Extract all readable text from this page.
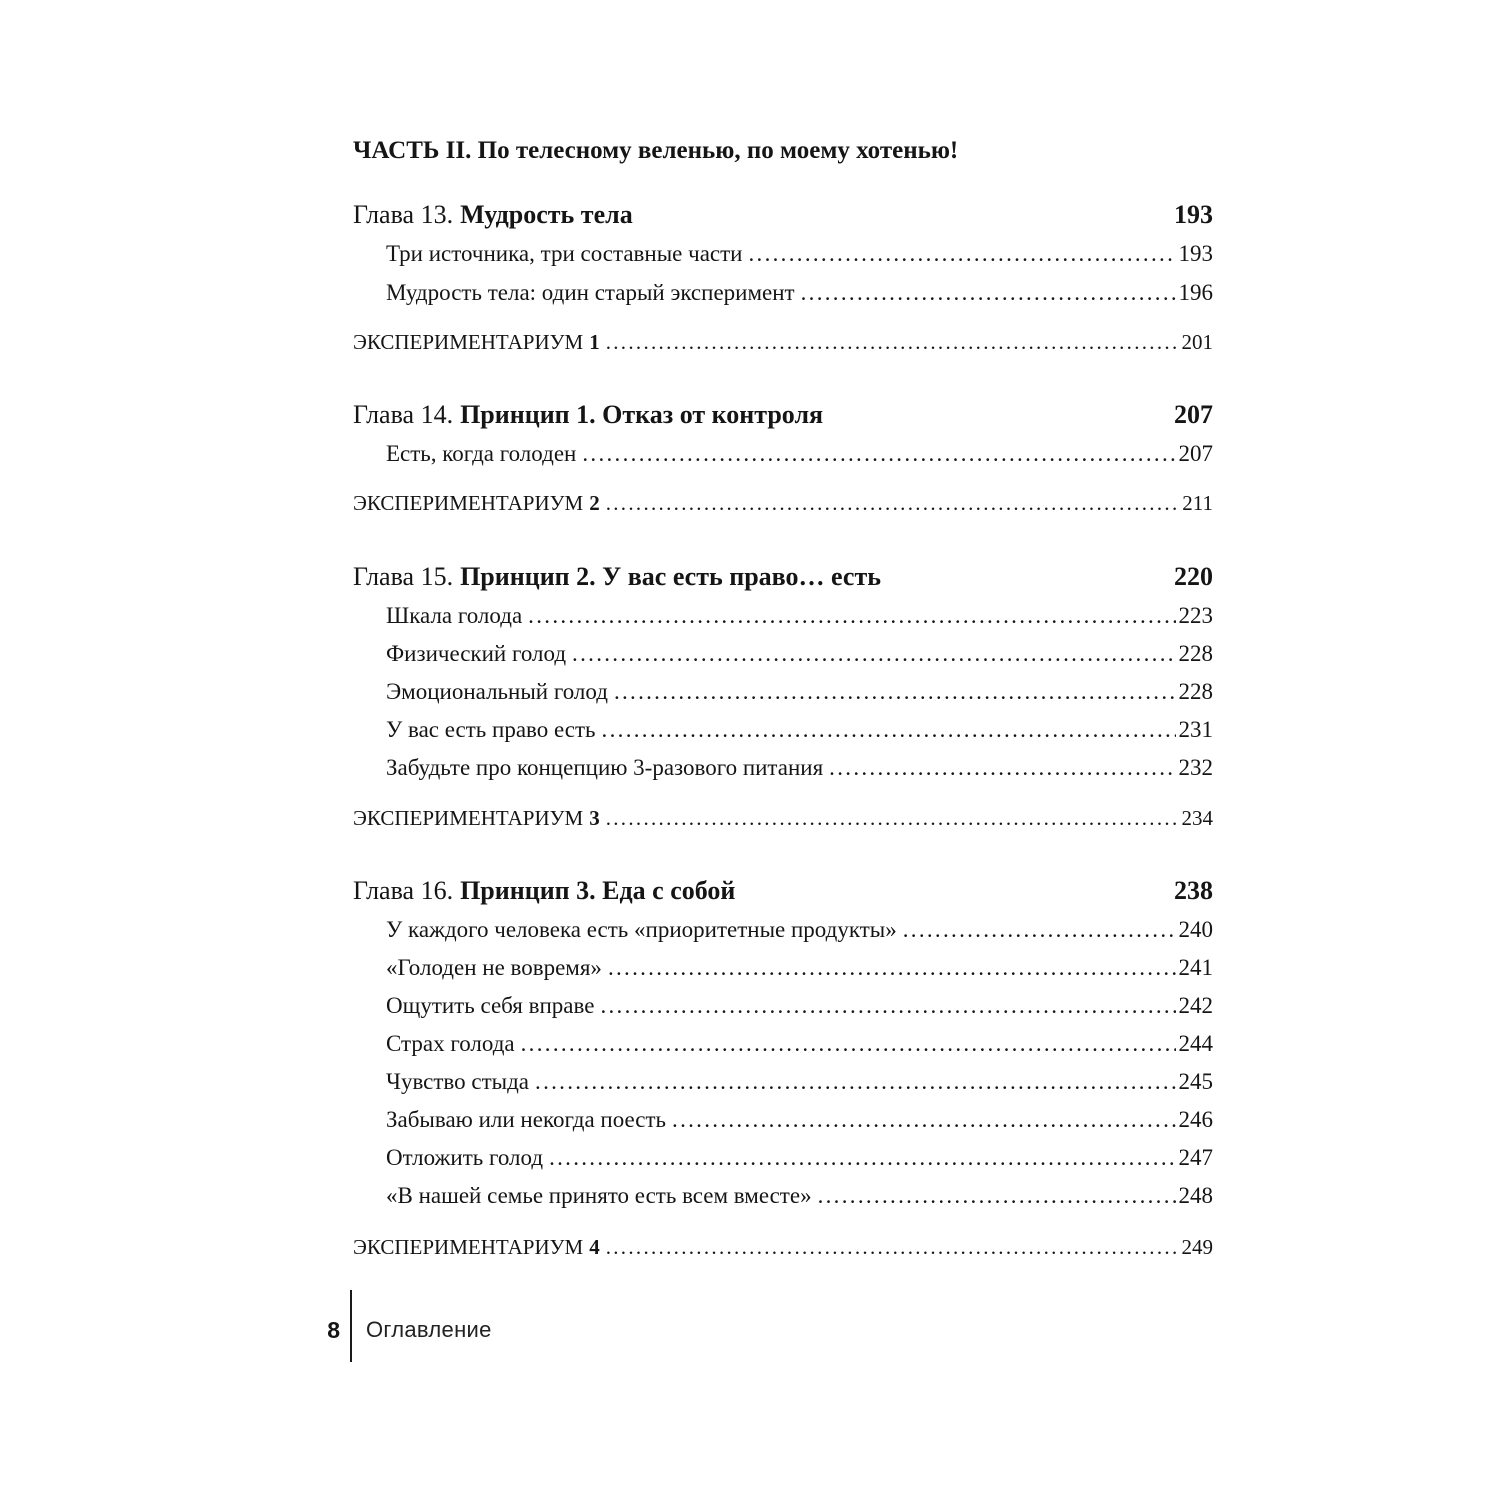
ЧАСТЬ II. По телесному веленью, по моему хотенью!
Глава 13. Мудрость тела	193
Три источника, три составные части .....	193
Мудрость тела: один старый эксперимент .....	196
ЭКСПЕРИМЕНТАРИУМ 1 .....	201
Глава 14. Принцип 1. Отказ от контроля	207
Есть, когда голоден .....	207
ЭКСПЕРИМЕНТАРИУМ 2 .....	211
Глава 15. Принцип 2. У вас есть право… есть	220
Шкала голода .....	223
Физический голод .....	228
Эмоциональный голод .....	228
У вас есть право есть .....	231
Забудьте про концепцию 3-разового питания .....	232
ЭКСПЕРИМЕНТАРИУМ 3 .....	234
Глава 16. Принцип 3. Еда с собой	238
У каждого человека есть «приоритетные продукты» .....	240
«Голоден не вовремя» .....	241
Ощутить себя вправе .....	242
Страх голода .....	244
Чувство стыда .....	245
Забываю или некогда поесть .....	246
Отложить голод .....	247
«В нашей семье принято есть всем вместе» .....	248
ЭКСПЕРИМЕНТАРИУМ 4 .....	249
8 Оглавление
